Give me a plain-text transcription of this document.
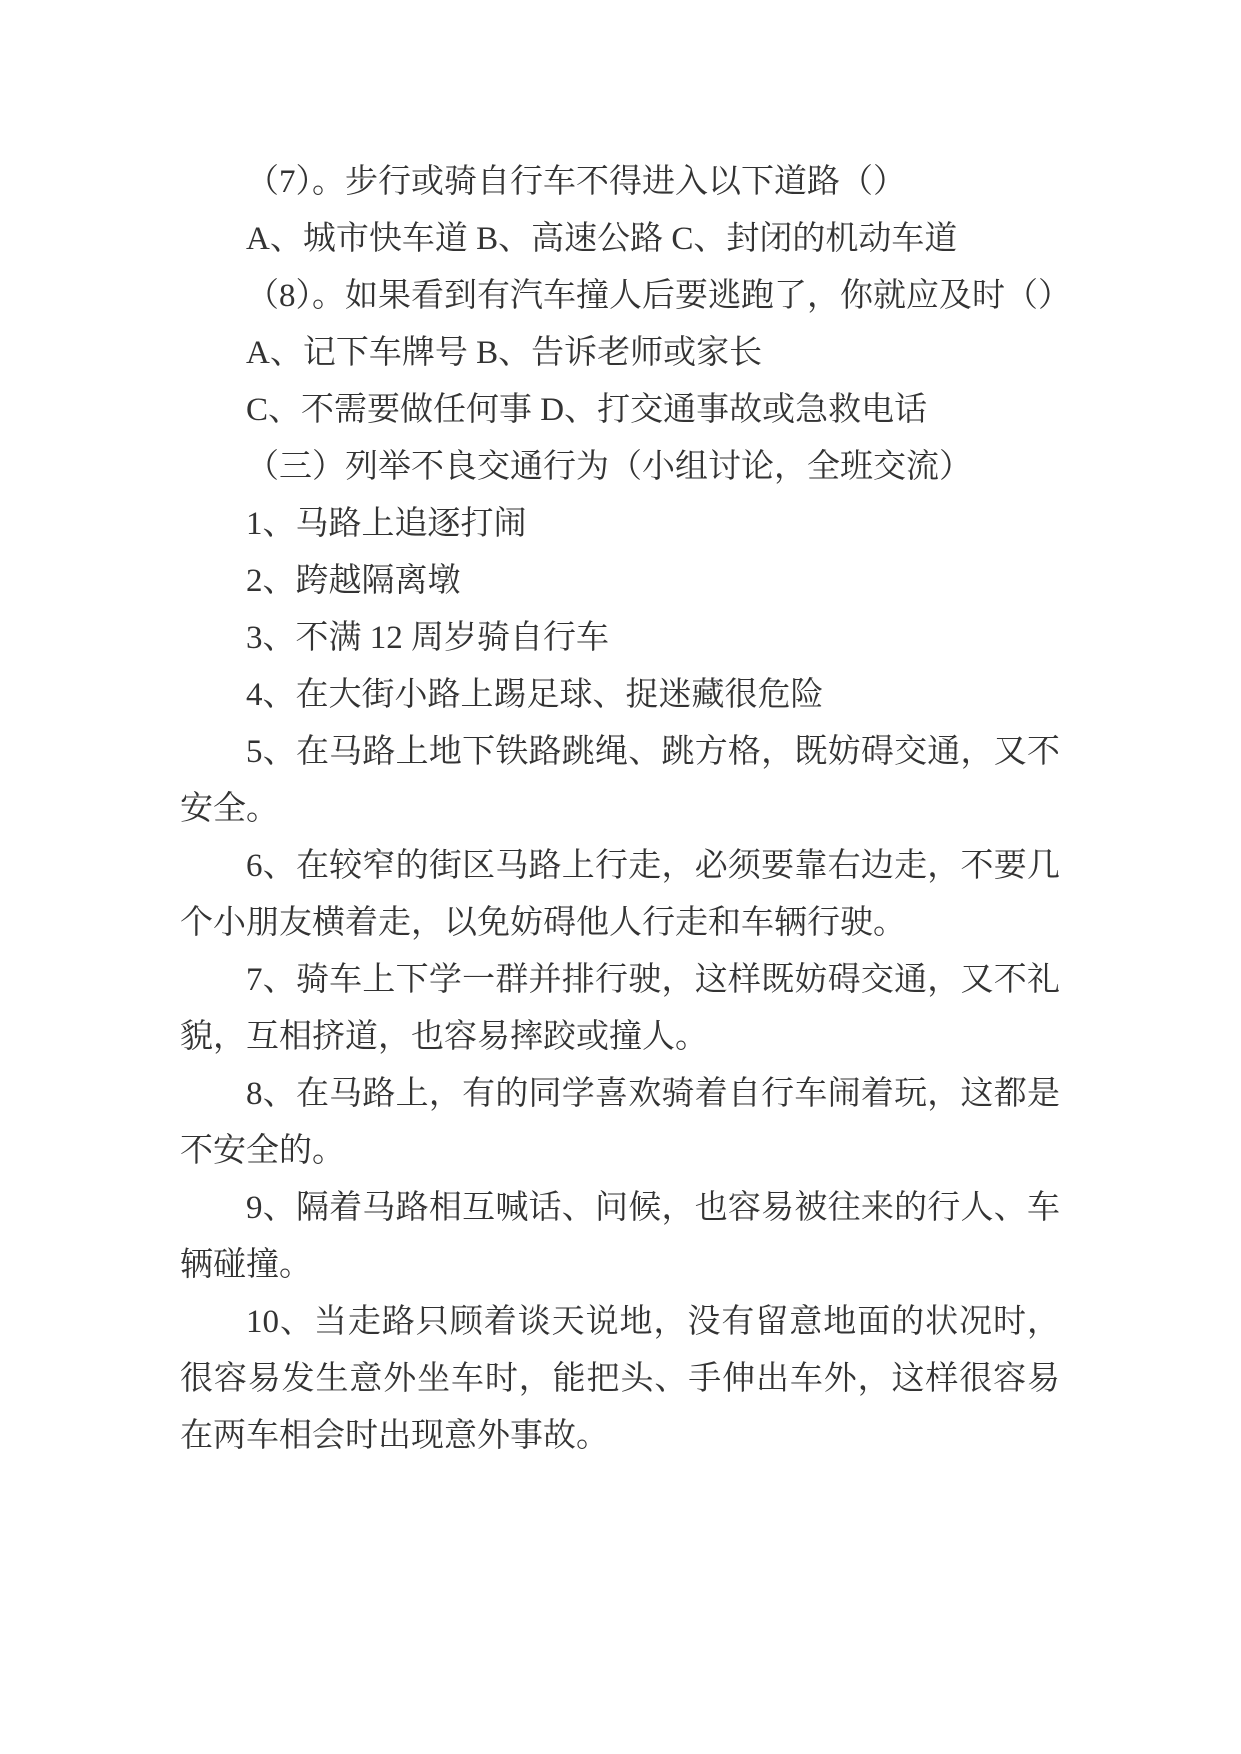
（7）。步行或骑自行车不得进入以下道路（）

A、城市快车道 B、高速公路 C、封闭的机动车道

（8）。如果看到有汽车撞人后要逃跑了，你就应及时（）

A、记下车牌号 B、告诉老师或家长

C、不需要做任何事 D、打交通事故或急救电话

（三）列举不良交通行为（小组讨论，全班交流）

1、马路上追逐打闹

2、跨越隔离墩

3、不满 12 周岁骑自行车

4、在大街小路上踢足球、捉迷藏很危险

5、在马路上地下铁路跳绳、跳方格，既妨碍交通，又不安全。

6、在较窄的街区马路上行走，必须要靠右边走，不要几个小朋友横着走，以免妨碍他人行走和车辆行驶。

7、骑车上下学一群并排行驶，这样既妨碍交通，又不礼貌，互相挤道，也容易摔跤或撞人。

8、在马路上，有的同学喜欢骑着自行车闹着玩，这都是不安全的。

9、隔着马路相互喊话、问候，也容易被往来的行人、车辆碰撞。

10、当走路只顾着谈天说地，没有留意地面的状况时，很容易发生意外坐车时，能把头、手伸出车外，这样很容易在两车相会时出现意外事故。
